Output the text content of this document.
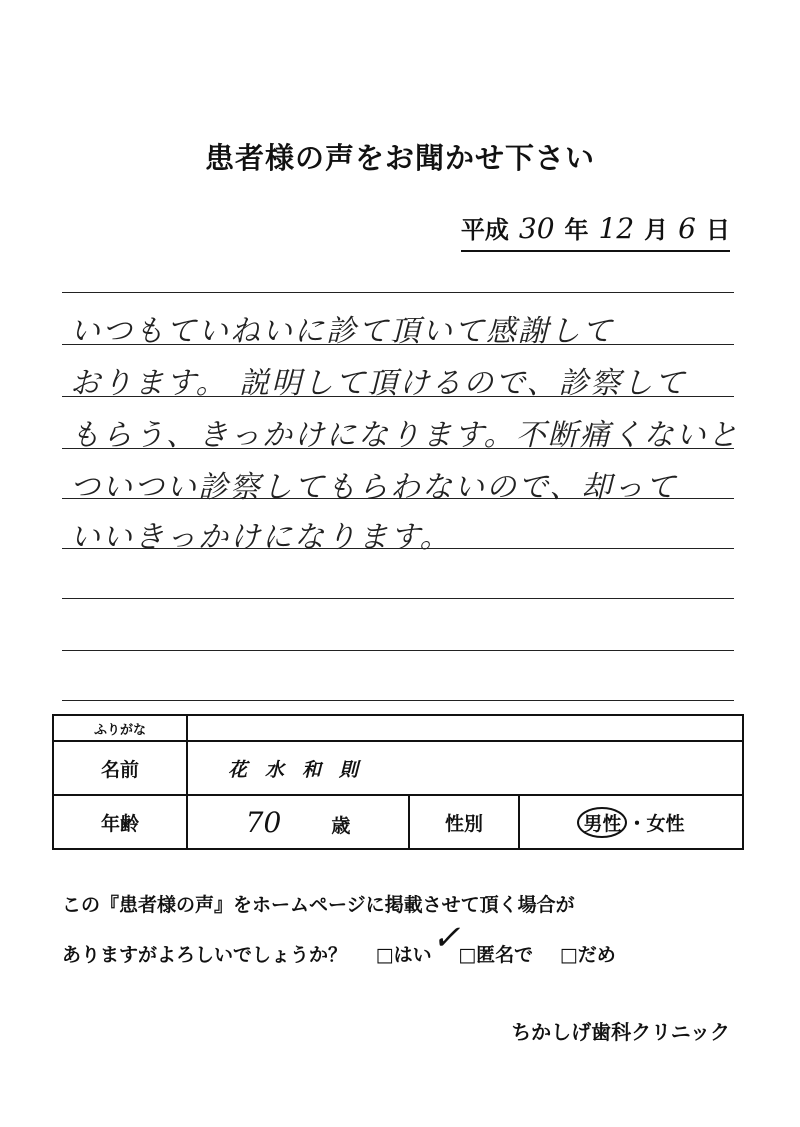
患者様の声をお聞かせ下さい
平成 30 年 12 月 6 日
いつもていねいに診て頂いて感謝して
おります。 説明して頂けるので、診察して
もらう、きっかけになります。不断痛くないと
ついつい診察してもらわないので、却って
いいきっかけになります。
ふりがな			
名前	花水和則		
年齢	70 歳	性別	男性 ・女性
この『患者様の声』をホームページに掲載させて頂く場合が
ありますがよろしいでしょうか？ □はい □匿名で □だめ
✓
ちかしげ歯科クリニック
